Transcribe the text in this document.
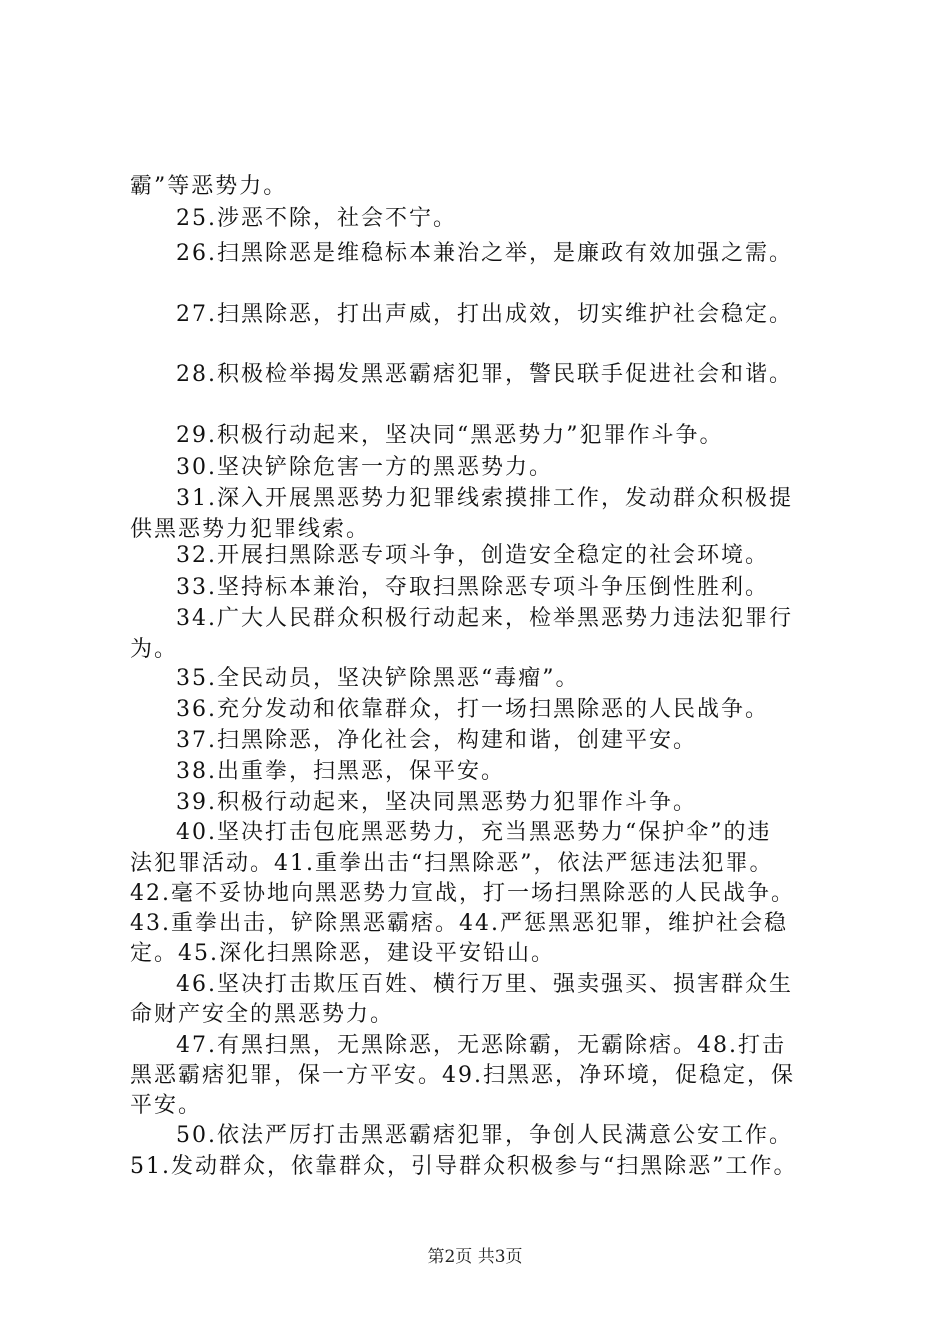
霸”等恶势力。
25.涉恶不除，社会不宁。
26.扫黑除恶是维稳标本兼治之举，是廉政有效加强之需。
27.扫黑除恶，打出声威，打出成效，切实维护社会稳定。
28.积极检举揭发黑恶霸痞犯罪，警民联手促进社会和谐。
29.积极行动起来，坚决同“黑恶势力”犯罪作斗争。
30.坚决铲除危害一方的黑恶势力。
31.深入开展黑恶势力犯罪线索摸排工作，发动群众积极提
供黑恶势力犯罪线索。
32.开展扫黑除恶专项斗争，创造安全稳定的社会环境。
33.坚持标本兼治，夺取扫黑除恶专项斗争压倒性胜利。
34.广大人民群众积极行动起来，检举黑恶势力违法犯罪行
为。
35.全民动员，坚决铲除黑恶“毒瘤”。
36.充分发动和依靠群众，打一场扫黑除恶的人民战争。
37.扫黑除恶，净化社会，构建和谐，创建平安。
38.出重拳，扫黑恶，保平安。
39.积极行动起来，坚决同黑恶势力犯罪作斗争。
40.坚决打击包庇黑恶势力，充当黑恶势力“保护伞”的违
法犯罪活动。41.重拳出击“扫黑除恶”，依法严惩违法犯罪。
42.毫不妥协地向黑恶势力宣战，打一场扫黑除恶的人民战争。
43.重拳出击，铲除黑恶霸痞。44.严惩黑恶犯罪，维护社会稳
定。45.深化扫黑除恶，建设平安铅山。
46.坚决打击欺压百姓、横行万里、强卖强买、损害群众生
命财产安全的黑恶势力。
47.有黑扫黑，无黑除恶，无恶除霸，无霸除痞。48.打击
黑恶霸痞犯罪，保一方平安。49.扫黑恶，净环境，促稳定，保
平安。
50.依法严厉打击黑恶霸痞犯罪，争创人民满意公安工作。
51.发动群众，依靠群众，引导群众积极参与“扫黑除恶”工作。
第2页 共3页
